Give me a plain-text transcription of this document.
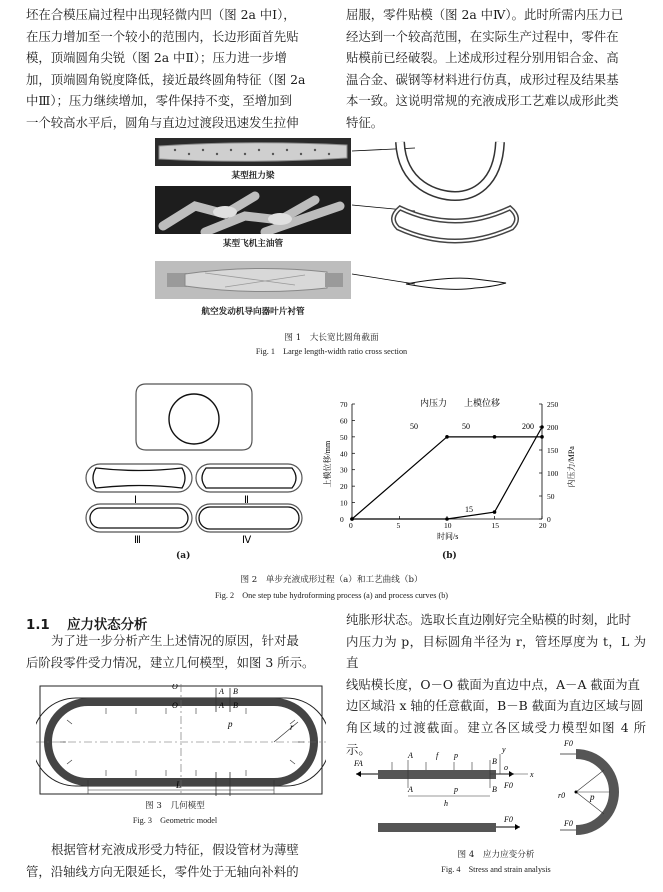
坯在合模压扁过程中出现轻微内凹（图 2a 中Ⅰ），

在压力增加至一个较小的范围内，长边形面首先贴

模，顶端圆角尖锐（图 2a 中Ⅱ）；压力进一步增

加，顶端圆角锐度降低，接近最终圆角特征（图 2a

中Ⅲ）；压力继续增加，零件保持不变，至增加到

一个较高水平后，圆角与直边过渡段迅速发生拉伸

屈服，零件贴模（图 2a 中Ⅳ）。此时所需内压力已

经达到一个较高范围，在实际生产过程中，零件在

贴模前已经破裂。上述成形过程分别用铝合金、高

温合金、碳钢等材料进行仿真，成形过程及结果基

本一致。这说明常规的充液成形工艺难以成形此类

特征。

某型扭力梁
某型飞机主油管
航空发动机导向器叶片衬管
图 1　大长宽比圆角截面
Fig. 1　Large length-width ratio cross section
Ⅰ	Ⅱ
Ⅲ	Ⅳ
(a)
0	5	10	15	20
0
10
20
30
40
50
60
70
0
50
100
150
200
250
上模位移/mm	内压力/MPa
时间/s
内压力 上模位移
50	50	200
15
(b)
图 2　单步充液成形过程（a）和工艺曲线（b）
Fig. 2　One step tube hydroforming process (a) and process curves (b)
1.1 应力状态分析

为了进一步分析产生上述情况的原因，针对最

后阶段零件受力情况，建立几何模型，如图 3 所示。

纯胀形状态。选取长直边刚好完全贴模的时刻，此时

内压力为 p，目标圆角半径为 r，管坯厚度为 t，L 为直

线贴模长度，O－O 截面为直边中点，A－A 截面为直

边区域沿 x 轴的任意截面，B－B 截面为直边区域与圆

角区域的过渡截面。建立各区域受力模型如图 4 所示。

O
O
A
A
B
B
p	r
L
图 3　几何模型
Fig. 3　Geometric model

根据管材充液成形受力特征，假设管材为薄壁

管，沿轴线方向无限延长，零件处于无轴向补料的

FA
A
A
f p
p
B
B F0
y
o
x
h
F0
F0
F0
r0	p
图 4　应力应变分析
Fig. 4　Stress and strain analysis
